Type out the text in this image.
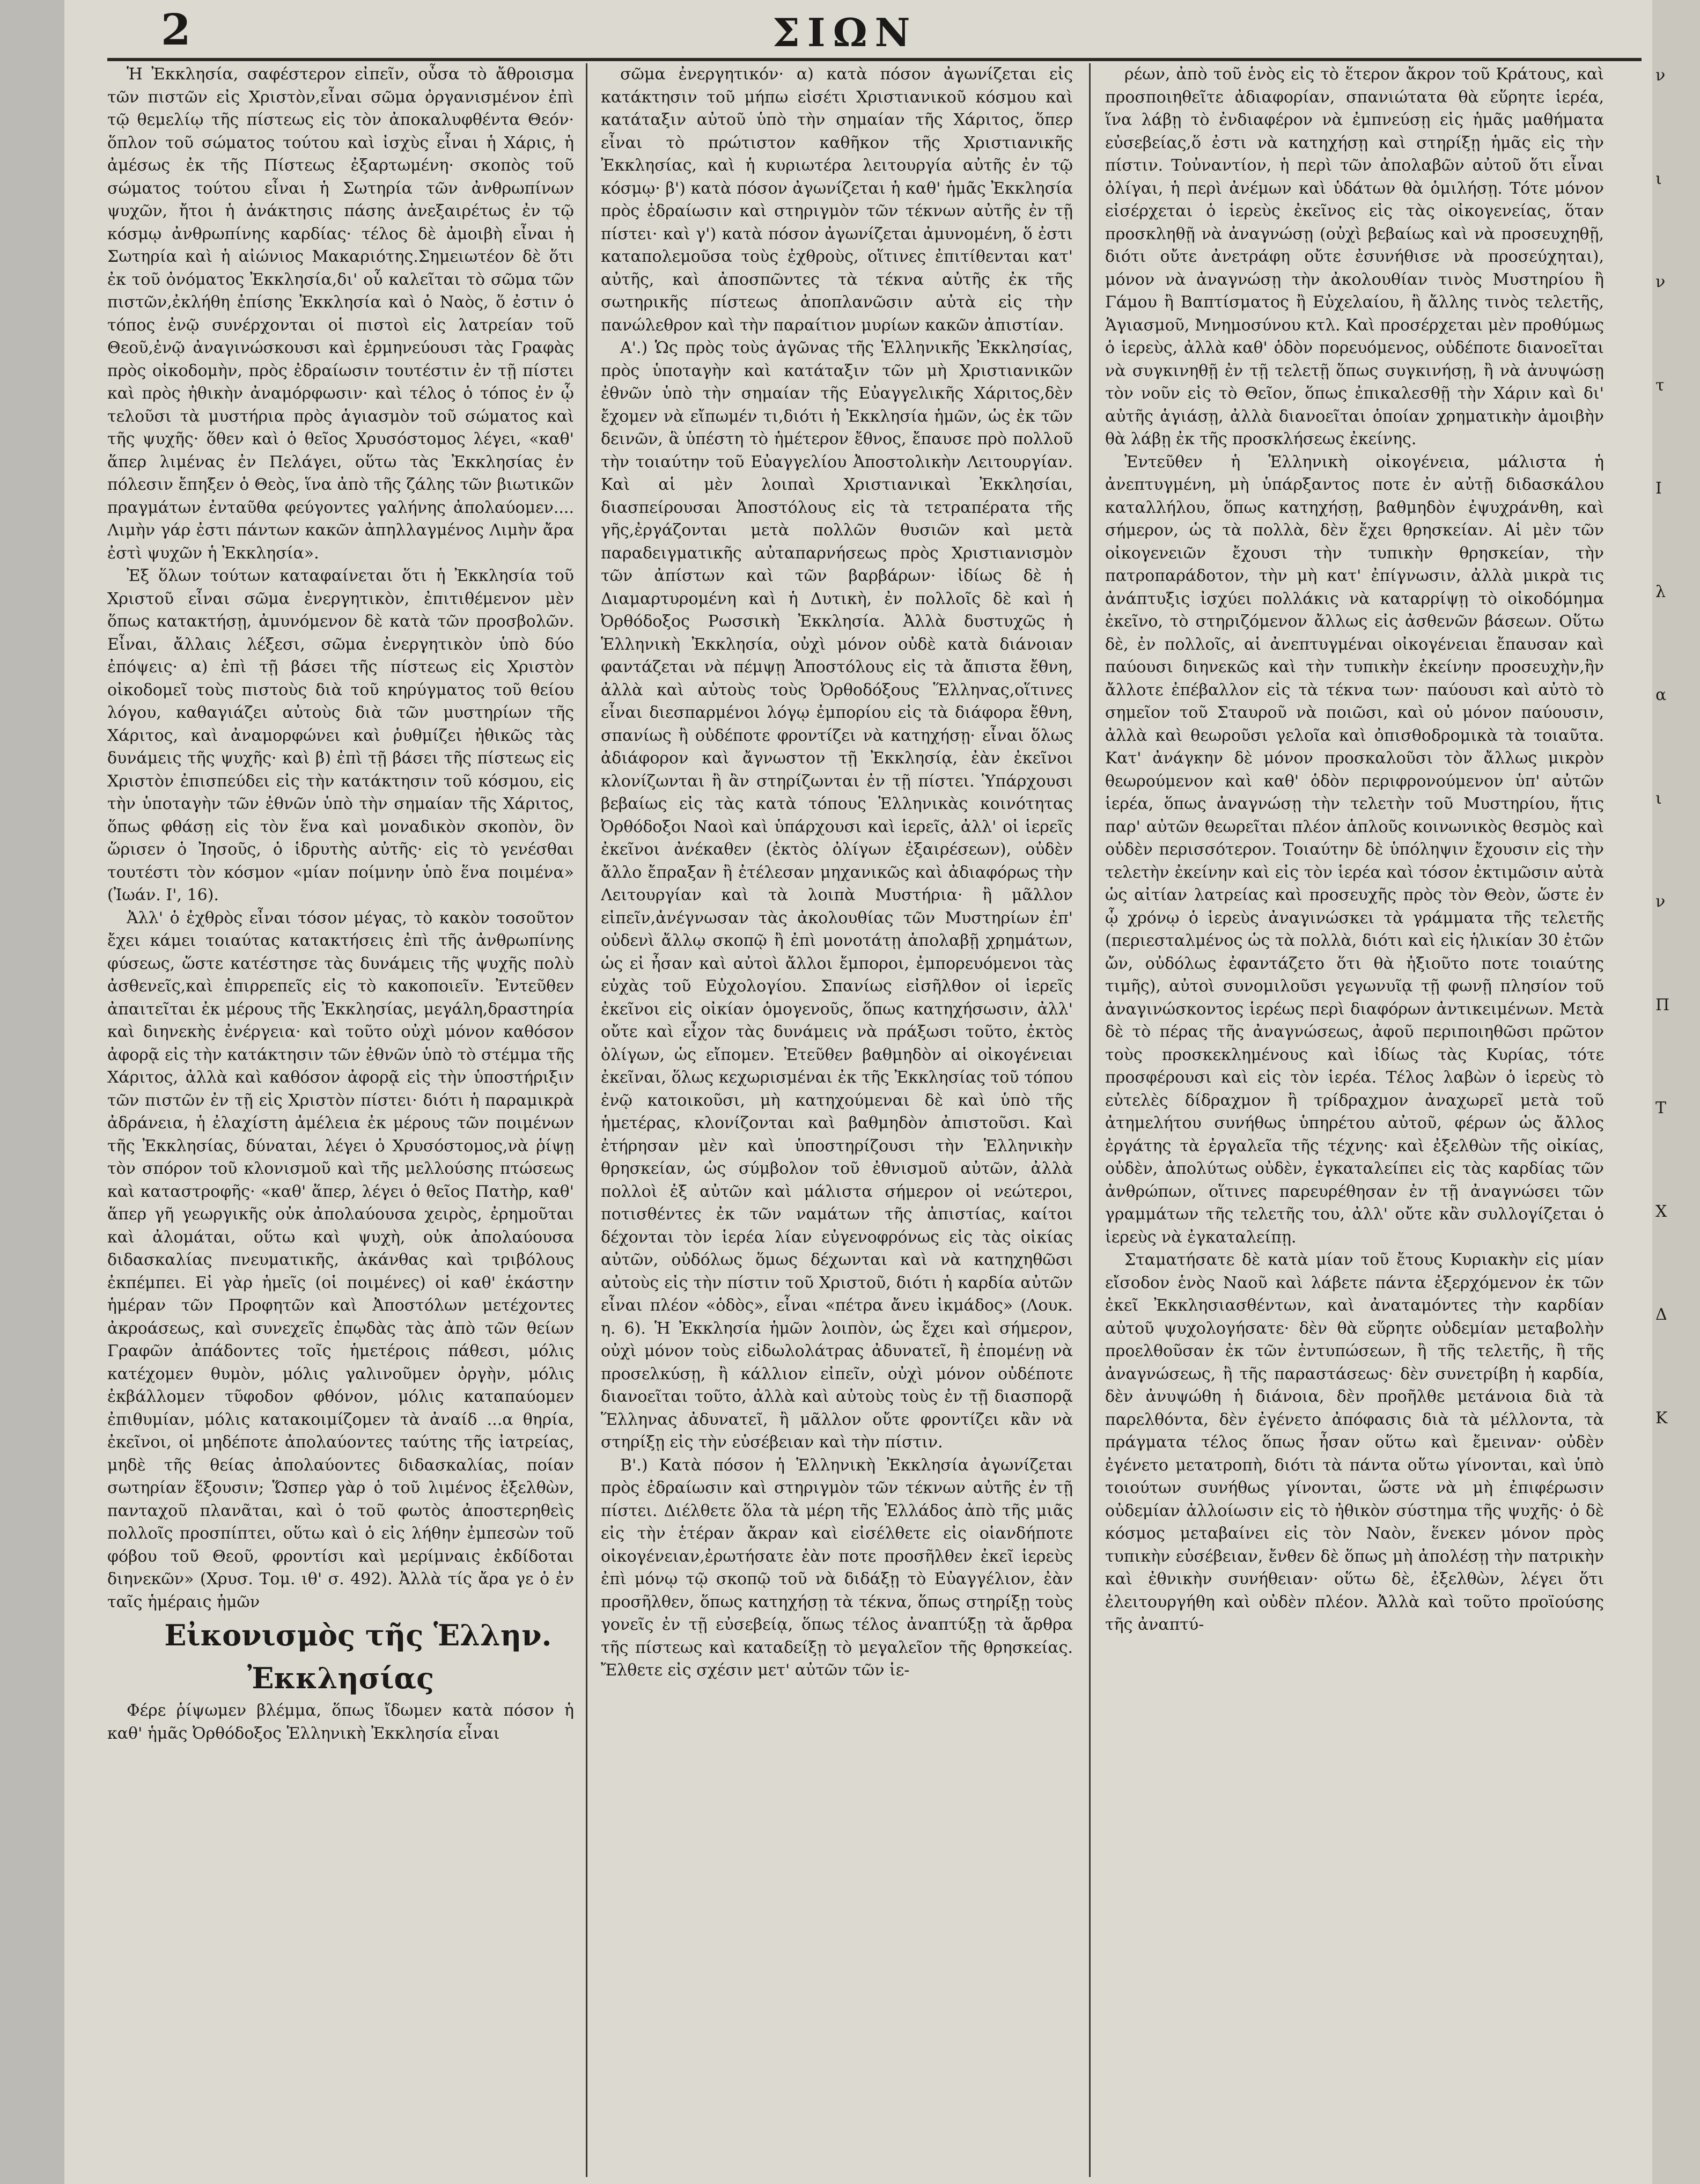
2	ΣΙΩΝ

Ἡ Ἐκκλησία, σαφέστερον εἰπεῖν, οὖσα τὸ ἄθροισμα τῶν πιστῶν εἰς Χριστὸν,εἶναι σῶμα ὀργανισμένον ἐπὶ τῷ θεμελίῳ τῆς πίστεως εἰς τὸν ἀποκαλυφθέντα Θεόν· ὅπλον τοῦ σώματος τούτου καὶ ἰσχὺς εἶναι ἡ Χάρις, ἡ ἀμέσως ἐκ τῆς Πίστεως ἐξαρτωμένη· σκοπὸς τοῦ σώματος τούτου εἶναι ἡ Σωτηρία τῶν ἀνθρωπίνων ψυχῶν, ἤτοι ἡ ἀνάκτησις πάσης ἀνεξαιρέτως ἐν τῷ κόσμῳ ἀνθρωπίνης καρδίας· τέλος δὲ ἀμοιβὴ εἶναι ἡ Σωτηρία καὶ ἡ αἰώνιος Μακαριότης.Σημειωτέον δὲ ὅτι ἐκ τοῦ ὀνόματος Ἐκκλησία,δι' οὗ καλεῖται τὸ σῶμα τῶν πιστῶν,ἐκλήθη ἐπίσης Ἐκκλησία καὶ ὁ Ναὸς, ὅ ἐστιν ὁ τόπος ἐνῷ συνέρχονται οἱ πιστοὶ εἰς λατρείαν τοῦ Θεοῦ,ἐνῷ ἀναγινώσκουσι καὶ ἑρμηνεύουσι τὰς Γραφὰς πρὸς οἰκοδομὴν, πρὸς ἐδραίωσιν τουτέστιν ἐν τῇ πίστει καὶ πρὸς ἠθικὴν ἀναμόρφωσιν· καὶ τέλος ὁ τόπος ἐν ᾧ τελοῦσι τὰ μυστήρια πρὸς ἁγιασμὸν τοῦ σώματος καὶ τῆς ψυχῆς· ὅθεν καὶ ὁ θεῖος Χρυσόστομος λέγει, «καθ' ἅπερ λιμένας ἐν Πελάγει, οὕτω τὰς Ἐκκλησίας ἐν πόλεσιν ἔπηξεν ὁ Θεὸς, ἵνα ἀπὸ τῆς ζάλης τῶν βιωτικῶν πραγμάτων ἐνταῦθα φεύγοντες γαλήνης ἀπολαύομεν.... Λιμὴν γάρ ἐστι πάντων κακῶν ἀπηλλαγμένος Λιμὴν ἄρα ἐστὶ ψυχῶν ἡ Ἐκκλησία».

Ἐξ ὅλων τούτων καταφαίνεται ὅτι ἡ Ἐκκλησία τοῦ Χριστοῦ εἶναι σῶμα ἐνεργητικὸν, ἐπιτιθέμενον μὲν ὅπως κατακτήσῃ, ἀμυνόμενον δὲ κατὰ τῶν προσβολῶν. Εἶναι, ἄλλαις λέξεσι, σῶμα ἐνεργητικὸν ὑπὸ δύο ἐπόψεις· α) ἐπὶ τῇ βάσει τῆς πίστεως εἰς Χριστὸν οἰκοδομεῖ τοὺς πιστοὺς διὰ τοῦ κηρύγματος τοῦ θείου λόγου, καθαγιάζει αὐτοὺς διὰ τῶν μυστηρίων τῆς Χάριτος, καὶ ἀναμορφώνει καὶ ῥυθμίζει ἠθικῶς τὰς δυνάμεις τῆς ψυχῆς· καὶ β) ἐπὶ τῇ βάσει τῆς πίστεως εἰς Χριστὸν ἐπισπεύδει εἰς τὴν κατάκτησιν τοῦ κόσμου, εἰς τὴν ὑποταγὴν τῶν ἐθνῶν ὑπὸ τὴν σημαίαν τῆς Χάριτος, ὅπως φθάσῃ εἰς τὸν ἕνα καὶ μοναδικὸν σκοπὸν, ὃν ὥρισεν ὁ Ἰησοῦς, ὁ ἱδρυτὴς αὐτῆς· εἰς τὸ γενέσθαι τουτέστι τὸν κόσμον «μίαν ποίμνην ὑπὸ ἕνα ποιμένα» (Ἰωάν. Ι', 16).

Ἀλλ' ὁ ἐχθρὸς εἶναι τόσον μέγας, τὸ κακὸν τοσοῦτον ἔχει κάμει τοιαύτας κατακτήσεις ἐπὶ τῆς ἀνθρωπίνης φύσεως, ὥστε κατέστησε τὰς δυνάμεις τῆς ψυχῆς πολὺ ἀσθενεῖς,καὶ ἐπιρρεπεῖς εἰς τὸ κακοποιεῖν. Ἐντεῦθεν ἀπαιτεῖται ἐκ μέρους τῆς Ἐκκλησίας, μεγάλη,δραστηρία καὶ διηνεκὴς ἐνέργεια· καὶ τοῦτο οὐχὶ μόνον καθόσον ἀφορᾷ εἰς τὴν κατάκτησιν τῶν ἐθνῶν ὑπὸ τὸ στέμμα τῆς Χάριτος, ἀλλὰ καὶ καθόσον ἀφορᾷ εἰς τὴν ὑποστήριξιν τῶν πιστῶν ἐν τῇ εἰς Χριστὸν πίστει· διότι ἡ παραμικρὰ ἀδράνεια, ἡ ἐλαχίστη ἀμέλεια ἐκ μέρους τῶν ποιμένων τῆς Ἐκκλησίας, δύναται, λέγει ὁ Χρυσόστομος,νὰ ῥίψῃ τὸν σπόρον τοῦ κλονισμοῦ καὶ τῆς μελλούσης πτώσεως καὶ καταστροφῆς· «καθ' ἅπερ, λέγει ὁ θεῖος Πατὴρ, καθ' ἅπερ γῆ γεωργικῆς οὐκ ἀπολαύουσα χειρὸς, ἐρημοῦται καὶ ἀλομάται, οὕτω καὶ ψυχὴ, οὐκ ἀπολαύουσα διδασκαλίας πνευματικῆς, ἀκάνθας καὶ τριβόλους ἐκπέμπει. Εἰ γὰρ ἡμεῖς (οἱ ποιμένες) οἱ καθ' ἑκάστην ἡμέραν τῶν Προφητῶν καὶ Ἀποστόλων μετέχοντες ἀκροάσεως, καὶ συνεχεῖς ἐπῳδὰς τὰς ἀπὸ τῶν θείων Γραφῶν ἀπάδοντες τοῖς ἡμετέροις πάθεσι, μόλις κατέχομεν θυμὸν, μόλις γαλινοῦμεν ὀργὴν, μόλις ἐκβάλλομεν τῦφοδον φθόνον, μόλις καταπαύομεν ἐπιθυμίαν, μόλις κατακοιμίζομεν τὰ ἀναίδ ...α θηρία, ἐκεῖνοι, οἱ μηδέποτε ἀπολαύοντες ταύτης τῆς ἰατρείας, μηδὲ τῆς θείας ἀπολαύοντες διδασκαλίας, ποίαν σωτηρίαν ἕξουσιν; Ὥσπερ γὰρ ὁ τοῦ λιμένος ἐξελθὼν, πανταχοῦ πλανᾶται, καὶ ὁ τοῦ φωτὸς ἀποστερηθεὶς πολλοῖς προσπίπτει, οὕτω καὶ ὁ εἰς λήθην ἐμπεσὼν τοῦ φόβου τοῦ Θεοῦ, φροντίσι καὶ μερίμναις ἐκδίδοται διηνεκῶν» (Χρυσ. Τομ. ιθ' σ. 492). Ἀλλὰ τίς ἄρα γε ὁ ἐν ταῖς ἡμέραις ἡμῶν

Εἰκονισμὸς τῆς Ἑλλην. Ἐκκλησίας

Φέρε ῥίψωμεν βλέμμα, ὅπως ἴδωμεν κατὰ πόσον ἡ καθ' ἡμᾶς Ὀρθόδοξος Ἑλληνικὴ Ἐκκλησία εἶναι

σῶμα ἐνεργητικόν· α) κατὰ πόσον ἀγωνίζεται εἰς κατάκτησιν τοῦ μήπω εἰσέτι Χριστιανικοῦ κόσμου καὶ κατάταξιν αὐτοῦ ὑπὸ τὴν σημαίαν τῆς Χάριτος, ὅπερ εἶναι τὸ πρώτιστον καθῆκον τῆς Χριστιανικῆς Ἐκκλησίας, καὶ ἡ κυριωτέρα λειτουργία αὐτῆς ἐν τῷ κόσμῳ· β') κατὰ πόσον ἀγωνίζεται ἡ καθ' ἡμᾶς Ἐκκλησία πρὸς ἐδραίωσιν καὶ στηριγμὸν τῶν τέκνων αὐτῆς ἐν τῇ πίστει· καὶ γ') κατὰ πόσον ἀγωνίζεται ἀμυνομένη, ὅ ἐστι καταπολεμοῦσα τοὺς ἐχθροὺς, οἵτινες ἐπιτίθενται κατ' αὐτῆς, καὶ ἀποσπῶντες τὰ τέκνα αὐτῆς ἐκ τῆς σωτηρικῆς πίστεως ἀποπλανῶσιν αὐτὰ εἰς τὴν πανώλεθρον καὶ τὴν παραίτιον μυρίων κακῶν ἀπιστίαν.

Α'.) Ὡς πρὸς τοὺς ἀγῶνας τῆς Ἑλληνικῆς Ἐκκλησίας, πρὸς ὑποταγὴν καὶ κατάταξιν τῶν μὴ Χριστιανικῶν ἐθνῶν ὑπὸ τὴν σημαίαν τῆς Εὐαγγελικῆς Χάριτος,δὲν ἔχομεν νὰ εἴπωμέν τι,διότι ἡ Ἐκκλησία ἡμῶν, ὡς ἐκ τῶν δεινῶν, ἃ ὑπέστη τὸ ἡμέτερον ἔθνος, ἔπαυσε πρὸ πολλοῦ τὴν τοιαύτην τοῦ Εὐαγγελίου Ἀποστολικὴν Λειτουργίαν. Καὶ αἱ μὲν λοιπαὶ Χριστιανικαὶ Ἐκκλησίαι, διασπείρουσαι Ἀποστόλους εἰς τὰ τετραπέρατα τῆς γῆς,ἐργάζονται μετὰ πολλῶν θυσιῶν καὶ μετὰ παραδειγματικῆς αὐταπαρνήσεως πρὸς Χριστιανισμὸν τῶν ἀπίστων καὶ τῶν βαρβάρων· ἰδίως δὲ ἡ Διαμαρτυρομένη καὶ ἡ Δυτικὴ, ἐν πολλοῖς δὲ καὶ ἡ Ὀρθόδοξος Ρωσσικὴ Ἐκκλησία. Ἀλλὰ δυστυχῶς ἡ Ἑλληνικὴ Ἐκκλησία, οὐχὶ μόνον οὐδὲ κατὰ διάνοιαν φαντάζεται νὰ πέμψῃ Ἀποστόλους εἰς τὰ ἄπιστα ἔθνη, ἀλλὰ καὶ αὐτοὺς τοὺς Ὀρθοδόξους Ἕλληνας,οἵτινες εἶναι διεσπαρμένοι λόγῳ ἐμπορίου εἰς τὰ διάφορα ἔθνη, σπανίως ἢ οὐδέποτε φροντίζει νὰ κατηχήσῃ· εἶναι ὅλως ἀδιάφορον καὶ ἄγνωστον τῇ Ἐκκλησίᾳ, ἐὰν ἐκεῖνοι κλονίζωνται ἢ ἂν στηρίζωνται ἐν τῇ πίστει. Ὑπάρχουσι βεβαίως εἰς τὰς κατὰ τόπους Ἑλληνικὰς κοινότητας Ὀρθόδοξοι Ναοὶ καὶ ὑπάρχουσι καὶ ἱερεῖς, ἀλλ' οἱ ἱερεῖς ἐκεῖνοι ἀνέκαθεν (ἐκτὸς ὀλίγων ἐξαιρέσεων), οὐδὲν ἄλλο ἔπραξαν ἢ ἐτέλεσαν μηχανικῶς καὶ ἀδιαφόρως τὴν Λειτουργίαν καὶ τὰ λοιπὰ Μυστήρια· ἢ μᾶλλον εἰπεῖν,ἀνέγνωσαν τὰς ἀκολουθίας τῶν Μυστηρίων ἐπ' οὐδενὶ ἄλλῳ σκοπῷ ἢ ἐπὶ μονοτάτῃ ἀπολαβῇ χρημάτων, ὡς εἰ ἦσαν καὶ αὐτοὶ ἄλλοι ἔμποροι, ἐμπορευόμενοι τὰς εὐχὰς τοῦ Εὐχολογίου. Σπανίως εἰσῆλθον οἱ ἱερεῖς ἐκεῖνοι εἰς οἰκίαν ὁμογενοῦς, ὅπως κατηχήσωσιν, ἀλλ' οὔτε καὶ εἶχον τὰς δυνάμεις νὰ πράξωσι τοῦτο, ἐκτὸς ὀλίγων, ὡς εἴπομεν. Ἐτεῦθεν βαθμηδὸν αἱ οἰκογένειαι ἐκεῖναι, ὅλως κεχωρισμέναι ἐκ τῆς Ἐκκλησίας τοῦ τόπου ἐνῷ κατοικοῦσι, μὴ κατηχούμεναι δὲ καὶ ὑπὸ τῆς ἡμετέρας, κλονίζονται καὶ βαθμηδὸν ἀπιστοῦσι. Καὶ ἐτήρησαν μὲν καὶ ὑποστηρίζουσι τὴν Ἑλληνικὴν θρησκείαν, ὡς σύμβολον τοῦ ἐθνισμοῦ αὐτῶν, ἀλλὰ πολλοὶ ἐξ αὐτῶν καὶ μάλιστα σήμερον οἱ νεώτεροι, ποτισθέντες ἐκ τῶν ναμάτων τῆς ἀπιστίας, καίτοι δέχονται τὸν ἱερέα λίαν εὐγενοφρόνως εἰς τὰς οἰκίας αὐτῶν, οὐδόλως ὅμως δέχωνται καὶ νὰ κατηχηθῶσι αὐτοὺς εἰς τὴν πίστιν τοῦ Χριστοῦ, διότι ἡ καρδία αὐτῶν εἶναι πλέον «ὁδὸς», εἶναι «πέτρα ἄνευ ἰκμάδος» (Λουκ. η. 6). Ἡ Ἐκκλησία ἡμῶν λοιπὸν, ὡς ἔχει καὶ σήμερον, οὐχὶ μόνον τοὺς εἰδωλολάτρας ἀδυνατεῖ, ἢ ἐπομένῃ νὰ προσελκύσῃ, ἢ κάλλιον εἰπεῖν, οὐχὶ μόνον οὐδέποτε διανοεῖται τοῦτο, ἀλλὰ καὶ αὐτοὺς τοὺς ἐν τῇ διασπορᾷ Ἕλληνας ἀδυνατεῖ, ἢ μᾶλλον οὔτε φροντίζει κἂν νὰ στηρίξῃ εἰς τὴν εὐσέβειαν καὶ τὴν πίστιν.

Β'.) Κατὰ πόσον ἡ Ἑλληνικὴ Ἐκκλησία ἀγωνίζεται πρὸς ἐδραίωσιν καὶ στηριγμὸν τῶν τέκνων αὐτῆς ἐν τῇ πίστει. Διέλθετε ὅλα τὰ μέρη τῆς Ἑλλάδος ἀπὸ τῆς μιᾶς εἰς τὴν ἑτέραν ἄκραν καὶ εἰσέλθετε εἰς οἱανδήποτε οἰκογένειαν,ἐρωτήσατε ἐὰν ποτε προσῆλθεν ἐκεῖ ἱερεὺς ἐπὶ μόνῳ τῷ σκοπῷ τοῦ νὰ διδάξῃ τὸ Εὐαγγέλιον, ἐὰν προσῆλθεν, ὅπως κατηχήσῃ τὰ τέκνα, ὅπως στηρίξῃ τοὺς γονεῖς ἐν τῇ εὐσεβείᾳ, ὅπως τέλος ἀναπτύξῃ τὰ ἄρθρα τῆς πίστεως καὶ καταδείξῃ τὸ μεγαλεῖον τῆς θρησκείας. Ἔλθετε εἰς σχέσιν μετ' αὐτῶν τῶν ἱε-

ρέων, ἀπὸ τοῦ ἑνὸς εἰς τὸ ἕτερον ἄκρον τοῦ Κράτους, καὶ προσποιηθεῖτε ἀδιαφορίαν, σπανιώτατα θὰ εὕρητε ἱερέα, ἵνα λάβῃ τὸ ἐνδιαφέρον νὰ ἐμπνεύσῃ εἰς ἡμᾶς μαθήματα εὐσεβείας,ὅ ἐστι νὰ κατηχήσῃ καὶ στηρίξῃ ἡμᾶς εἰς τὴν πίστιν. Τοὐναντίον, ἡ περὶ τῶν ἀπολαβῶν αὐτοῦ ὅτι εἶναι ὀλίγαι, ἡ περὶ ἀνέμων καὶ ὑδάτων θὰ ὁμιλήσῃ. Τότε μόνον εἰσέρχεται ὁ ἱερεὺς ἐκεῖνος εἰς τὰς οἰκογενείας, ὅταν προσκληθῇ νὰ ἀναγνώσῃ (οὐχὶ βεβαίως καὶ νὰ προσευχηθῇ, διότι οὔτε ἀνετράφη οὔτε ἐσυνήθισε νὰ προσεύχηται), μόνον νὰ ἀναγνώσῃ τὴν ἀκολουθίαν τινὸς Μυστηρίου ἢ Γάμου ἢ Βαπτίσματος ἢ Εὐχελαίου, ἢ ἄλλης τινὸς τελετῆς, Ἁγιασμοῦ, Μνημοσύνου κτλ. Καὶ προσέρχεται μὲν προθύμως ὁ ἱερεὺς, ἀλλὰ καθ' ὁδὸν πορευόμενος, οὐδέποτε διανοεῖται νὰ συγκινηθῇ ἐν τῇ τελετῇ ὅπως συγκινήσῃ, ἢ νὰ ἀνυψώσῃ τὸν νοῦν εἰς τὸ Θεῖον, ὅπως ἐπικαλεσθῇ τὴν Χάριν καὶ δι' αὐτῆς ἁγιάσῃ, ἀλλὰ διανοεῖται ὁποίαν χρηματικὴν ἀμοιβὴν θὰ λάβῃ ἐκ τῆς προσκλήσεως ἐκείνης.

Ἐντεῦθεν ἡ Ἑλληνικὴ οἰκογένεια, μάλιστα ἡ ἀνεπτυγμένη, μὴ ὑπάρξαντος ποτε ἐν αὐτῇ διδασκάλου καταλλήλου, ὅπως κατηχήσῃ, βαθμηδὸν ἐψυχράνθη, καὶ σήμερον, ὡς τὰ πολλὰ, δὲν ἔχει θρησκείαν. Αἱ μὲν τῶν οἰκογενειῶν ἔχουσι τὴν τυπικὴν θρησκείαν, τὴν πατροπαράδοτον, τὴν μὴ κατ' ἐπίγνωσιν, ἀλλὰ μικρὰ τις ἀνάπτυξις ἰσχύει πολλάκις νὰ καταρρίψῃ τὸ οἰκοδόμημα ἐκεῖνο, τὸ στηριζόμενον ἄλλως εἰς ἀσθενῶν βάσεων. Οὕτω δὲ, ἐν πολλοῖς, αἱ ἀνεπτυγμέναι οἰκογένειαι ἔπαυσαν καὶ παύουσι διηνεκῶς καὶ τὴν τυπικὴν ἐκείνην προσευχὴν,ἣν ἄλλοτε ἐπέβαλλον εἰς τὰ τέκνα των· παύουσι καὶ αὐτὸ τὸ σημεῖον τοῦ Σταυροῦ νὰ ποιῶσι, καὶ οὐ μόνον παύουσιν, ἀλλὰ καὶ θεωροῦσι γελοῖα καὶ ὀπισθοδρομικὰ τὰ τοιαῦτα. Κατ' ἀνάγκην δὲ μόνον προσκαλοῦσι τὸν ἄλλως μικρὸν θεωρούμενον καὶ καθ' ὁδὸν περιφρονούμενον ὑπ' αὐτῶν ἱερέα, ὅπως ἀναγνώσῃ τὴν τελετὴν τοῦ Μυστηρίου, ἥτις παρ' αὐτῶν θεωρεῖται πλέον ἁπλοῦς κοινωνικὸς θεσμὸς καὶ οὐδὲν περισσότερον. Τοιαύτην δὲ ὑπόληψιν ἔχουσιν εἰς τὴν τελετὴν ἐκείνην καὶ εἰς τὸν ἱερέα καὶ τόσον ἐκτιμῶσιν αὐτὰ ὡς αἰτίαν λατρείας καὶ προσευχῆς πρὸς τὸν Θεὸν, ὥστε ἐν ᾧ χρόνῳ ὁ ἱερεὺς ἀναγινώσκει τὰ γράμματα τῆς τελετῆς (περιεσταλμένος ὡς τὰ πολλὰ, διότι καὶ εἰς ἡλικίαν 30 ἐτῶν ὤν, οὐδόλως ἐφαντάζετο ὅτι θὰ ἠξιοῦτο ποτε τοιαύτης τιμῆς), αὐτοὶ συνομιλοῦσι γεγωνυῖᾳ τῇ φωνῇ πλησίον τοῦ ἀναγινώσκοντος ἱερέως περὶ διαφόρων ἀντικειμένων. Μετὰ δὲ τὸ πέρας τῆς ἀναγνώσεως, ἀφοῦ περιποιηθῶσι πρῶτον τοὺς προσκεκλημένους καὶ ἰδίως τὰς Κυρίας, τότε προσφέρουσι καὶ εἰς τὸν ἱερέα. Τέλος λαβὼν ὁ ἱερεὺς τὸ εὐτελὲς δίδραχμον ἢ τρίδραχμον ἀναχωρεῖ μετὰ τοῦ ἀτημελήτου συνήθως ὑπηρέτου αὐτοῦ, φέρων ὡς ἄλλος ἐργάτης τὰ ἐργαλεῖα τῆς τέχνης· καὶ ἐξελθὼν τῆς οἰκίας, οὐδὲν, ἀπολύτως οὐδὲν, ἐγκαταλείπει εἰς τὰς καρδίας τῶν ἀνθρώπων, οἵτινες παρευρέθησαν ἐν τῇ ἀναγνώσει τῶν γραμμάτων τῆς τελετῆς του, ἀλλ' οὔτε κἂν συλλογίζεται ὁ ἱερεὺς νὰ ἐγκαταλείπῃ.

Σταματήσατε δὲ κατὰ μίαν τοῦ ἔτους Κυριακὴν εἰς μίαν εἴσοδον ἑνὸς Ναοῦ καὶ λάβετε πάντα ἐξερχόμενον ἐκ τῶν ἐκεῖ Ἐκκλησιασθέντων, καὶ ἀναταμόντες τὴν καρδίαν αὐτοῦ ψυχολογήσατε· δὲν θὰ εὕρητε οὐδεμίαν μεταβολὴν προελθοῦσαν ἐκ τῶν ἐντυπώσεων, ἢ τῆς τελετῆς, ἢ τῆς ἀναγνώσεως, ἢ τῆς παραστάσεως· δὲν συνετρίβη ἡ καρδία, δὲν ἀνυψώθη ἡ διάνοια, δὲν προῆλθε μετάνοια διὰ τὰ παρελθόντα, δὲν ἐγένετο ἀπόφασις διὰ τὰ μέλλοντα, τὰ πράγματα τέλος ὅπως ἦσαν οὕτω καὶ ἔμειναν· οὐδὲν ἐγένετο μετατροπὴ, διότι τὰ πάντα οὕτω γίνονται, καὶ ὑπὸ τοιούτων συνήθως γίνονται, ὥστε νὰ μὴ ἐπιφέρωσιν οὐδεμίαν ἀλλοίωσιν εἰς τὸ ἠθικὸν σύστημα τῆς ψυχῆς· ὁ δὲ κόσμος μεταβαίνει εἰς τὸν Ναὸν, ἕνεκεν μόνον πρὸς τυπικὴν εὐσέβειαν, ἔνθεν δὲ ὅπως μὴ ἀπολέσῃ τὴν πατρικὴν καὶ ἐθνικὴν συνήθειαν· οὕτω δὲ, ἐξελθὼν, λέγει ὅτι ἐλειτουργήθη καὶ οὐδὲν πλέον. Ἀλλὰ καὶ τοῦτο προϊούσης τῆς ἀναπτύ-

ν
ι
ν
τ
Ι
λ
α
ι
ν
Π
Τ
Χ
Δ
Κ
